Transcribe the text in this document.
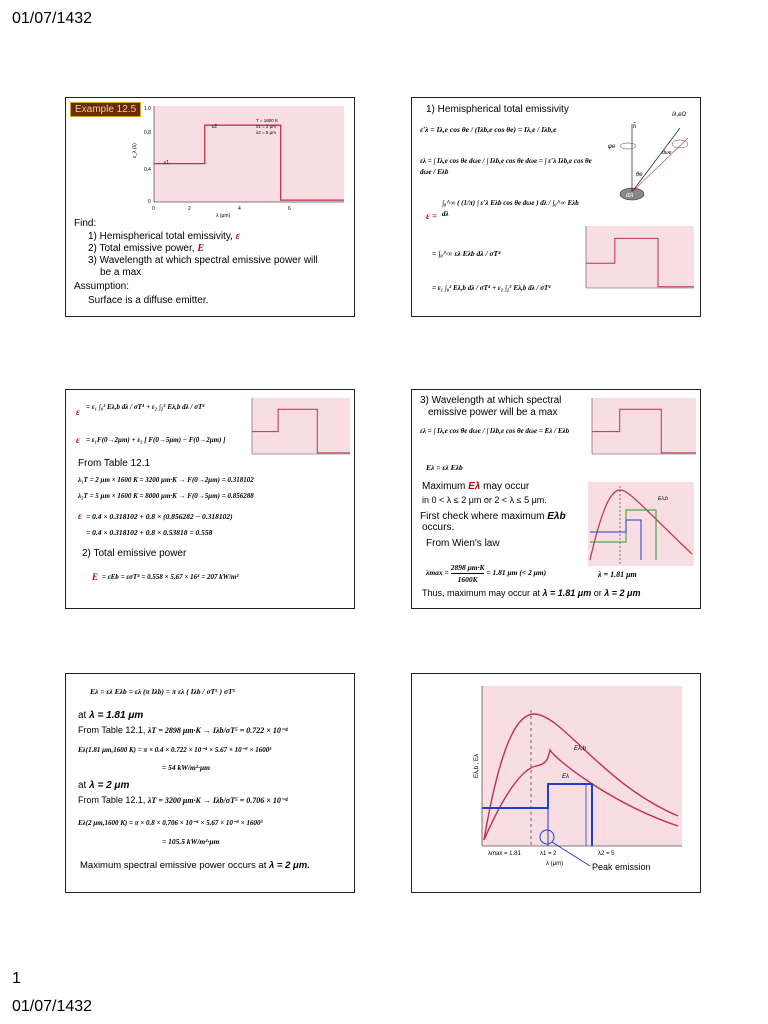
01/07/1432
Example 12.5
ε1
ε2
1.0
0.8
0.4
0
0	2	4	6
λ (μm)
ε_λ (λ)
T = 1600 K
λ1 = 2 μm
λ2 = 5 μm
Find:
1) Hemispherical total emissivity, ε
2) Total emissive power, E
3) Wavelength at which spectral emissive power will
be a max
Assumption:
Surface is a diffuse emitter.
1) Hemispherical total emissivity
ε′λ = Iλ,e cos θe / (Iλb,e cos θe) = Iλ,e / Iλb,e
ελ = ∫ Iλ,e cos θe dωe / ∫ Iλb,e cos θe dωe = ∫ ε′λ Iλb,e cos θe dωe / Eλb
ε =
∫₀^∞ ( (1/π) ∫ ε′λ Eλb cos θe dωe ) dλ / ∫₀^∞ Eλb dλ
= ∫₀^∞ ελ Eλb dλ / σT⁴
= ε₁ ∫₀² Eλ,b dλ / σT⁴ + ε₂ ∫₂⁵ Eλ,b dλ / σT⁴
n̂
Iλ,eΩ
φe
θe
dωe
dA
ε = ε₁ ∫₀² Eλ,b dλ / σT⁴ + ε₂ ∫₂⁵ Eλ,b dλ / σT⁴
ε = ε₁F(0→2μm) + ε₂ [ F(0→5μm) − F(0→2μm) ]
From Table 12.1
λ₁T = 2 μm × 1600 K = 3200 μm·K → F(0→2μm) = 0.318102
λ₂T = 5 μm × 1600 K = 8000 μm·K → F(0→5μm) = 0.856288
ε = 0.4 × 0.318102 + 0.8 × (0.856282 − 0.318102)
= 0.4 × 0.318102 + 0.8 × 0.53818 = 0.558
2) Total emissive power
E = εEb = εσT⁴ = 0.558 × 5.67 × 16⁴ = 207 kW/m²
3) Wavelength at which spectral
emissive power will be a max
ελ = ∫ Iλ,e cos θe dωe / ∫ Iλb,e cos θe dωe = Eλ / Eλb
Eλ = ελ Eλb
Maximum Eλ may occur
in 0 < λ ≤ 2 μm or 2 < λ ≤ 5 μm.
First check where maximum Eλb
occurs.
From Wien's law
$\lambda\max = \frac{2898 \mu m\cdot K}{1600K} = 1.81$ μm (< 2 μm)
Thus, maximum may occur at λ = 1.81 μm or λ = 2 μm
Eλ,b
λ = 1.81 μm
Eλ = ελ Eλb = ελ (π Iλb) = π ελ ( Iλb / σT⁵ ) σT⁵
at λ = 1.81 μm
From Table 12.1, λT = 2898 μm·K → Iλb/σT⁵ = 0.722 × 10⁻⁴
Eλ(1.81 μm,1600 K) = π × 0.4 × 0.722 × 10⁻⁴ × 5.67 × 10⁻⁸ × 1600⁵
= 54 kW/m²·μm
at λ = 2 μm
From Table 12.1, λT = 3200 μm·K → Iλb/σT⁵ = 0.706 × 10⁻⁴
Eλ(2 μm,1600 K) = π × 0.8 × 0.706 × 10⁻⁴ × 5.67 × 10⁻⁸ × 1600⁵
= 105.5 kW/m²·μm
Maximum spectral emissive power occurs at λ = 2 μm.
Eλ,b
Eλ
Eλ,b , Eλ
λmax = 1.81	λ1 = 2	λ2 = 5
λ (μm)	Peak emission
1
01/07/1432
